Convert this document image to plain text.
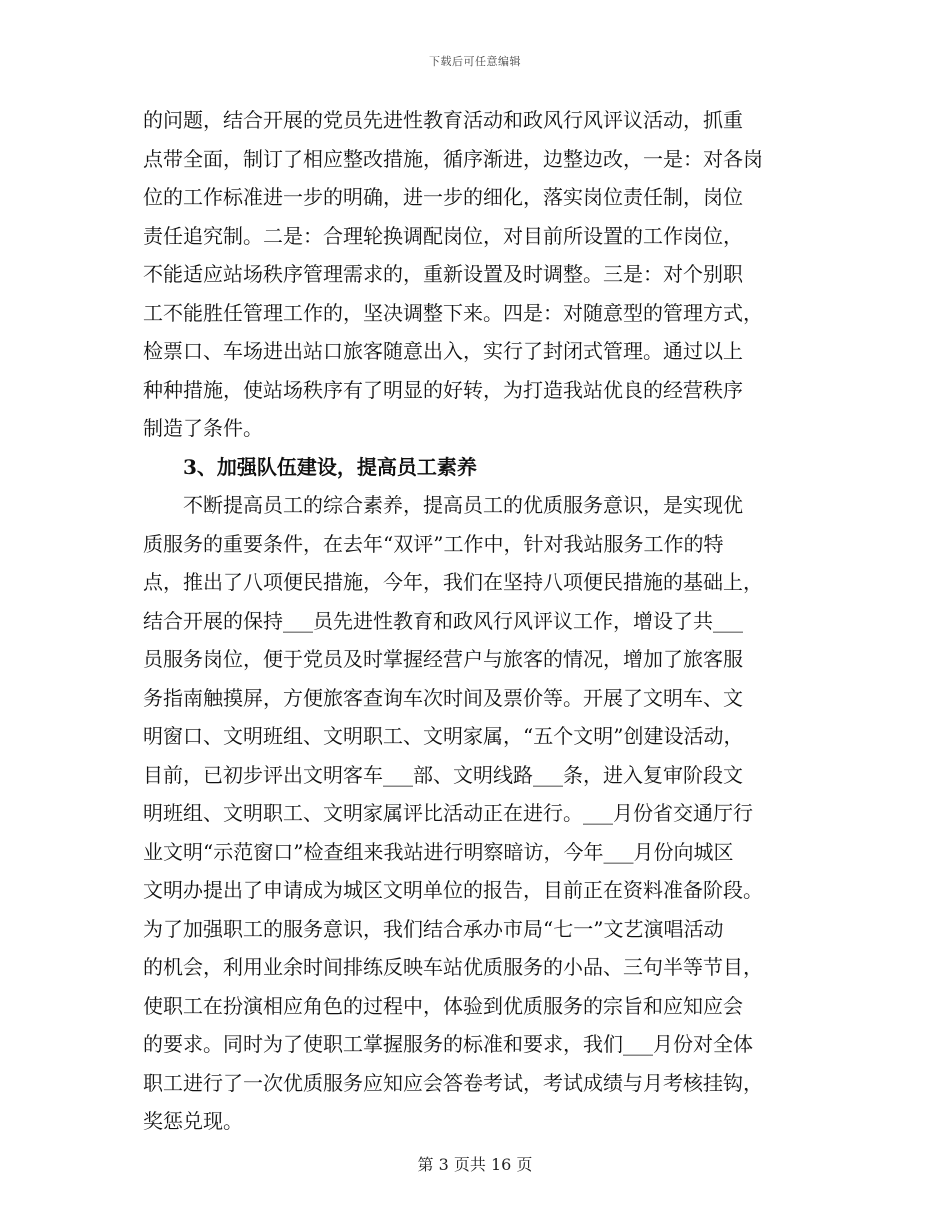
下载后可任意编辑
的问题，结合开展的党员先进性教育活动和政风行风评议活动，抓重
点带全面，制订了相应整改措施，循序渐进，边整边改，一是：对各岗
位的工作标准进一步的明确，进一步的细化，落实岗位责任制，岗位
责任追究制。二是：合理轮换调配岗位，对目前所设置的工作岗位，
不能适应站场秩序管理需求的，重新设置及时调整。三是：对个别职
工不能胜任管理工作的，坚决调整下来。四是：对随意型的管理方式，
检票口、车场进出站口旅客随意出入，实行了封闭式管理。通过以上
种种措施，使站场秩序有了明显的好转，为打造我站优良的经营秩序
制造了条件。
3、加强队伍建设，提高员工素养
不断提高员工的综合素养，提高员工的优质服务意识，是实现优
质服务的重要条件，在去年“双评”工作中，针对我站服务工作的特
点，推出了八项便民措施，今年，我们在坚持八项便民措施的基础上，
结合开展的保持___员先进性教育和政风行风评议工作，增设了共___
员服务岗位，便于党员及时掌握经营户与旅客的情况，增加了旅客服
务指南触摸屏，方便旅客查询车次时间及票价等。开展了文明车、文
明窗口、文明班组、文明职工、文明家属，“五个文明”创建设活动，
目前，已初步评出文明客车___部、文明线路___条，进入复审阶段文
明班组、文明职工、文明家属评比活动正在进行。___月份省交通厅行
业文明“示范窗口”检查组来我站进行明察暗访，今年___月份向城区
文明办提出了申请成为城区文明单位的报告，目前正在资料准备阶段。
为了加强职工的服务意识，我们结合承办市局“七一”文艺演唱活动
的机会，利用业余时间排练反映车站优质服务的小品、三句半等节目，
使职工在扮演相应角色的过程中，体验到优质服务的宗旨和应知应会
的要求。同时为了使职工掌握服务的标准和要求，我们___月份对全体
职工进行了一次优质服务应知应会答卷考试，考试成绩与月考核挂钩，
奖惩兑现。
第 3 页共 16 页
